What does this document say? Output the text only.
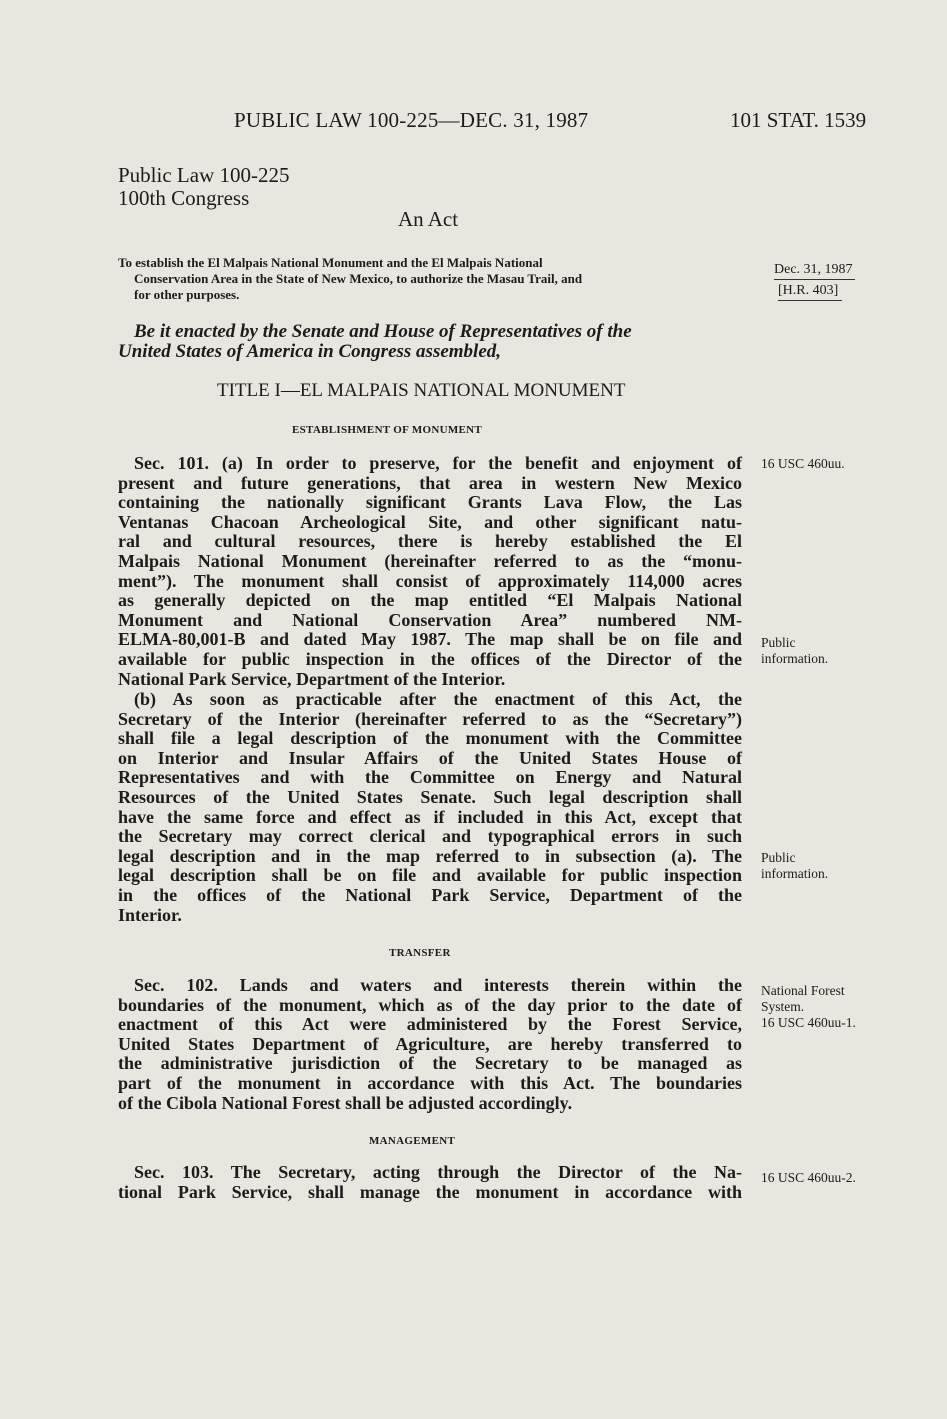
PUBLIC LAW 100-225—DEC. 31, 1987	101 STAT. 1539
Public Law 100-225
100th Congress
An Act
To establish the El Malpais National Monument and the El Malpais National
Conservation Area in the State of New Mexico, to authorize the Masau Trail, and
for other purposes.
Dec. 31, 1987
[H.R. 403]
Be it enacted by the Senate and House of Representatives of the
United States of America in Congress assembled,
TITLE I—EL MALPAIS NATIONAL MONUMENT
ESTABLISHMENT OF MONUMENT
Sec. 101. (a) In order to preserve, for the benefit and enjoyment of
present and future generations, that area in western New Mexico
containing the nationally significant Grants Lava Flow, the Las
Ventanas Chacoan Archeological Site, and other significant natu-
ral and cultural resources, there is hereby established the El
Malpais National Monument (hereinafter referred to as the “monu-
ment”). The monument shall consist of approximately 114,000 acres
as generally depicted on the map entitled “El Malpais National
Monument and National Conservation Area” numbered NM-
ELMA-80,001-B and dated May 1987. The map shall be on file and
available for public inspection in the offices of the Director of the
National Park Service, Department of the Interior.
(b) As soon as practicable after the enactment of this Act, the
Secretary of the Interior (hereinafter referred to as the “Secretary”)
shall file a legal description of the monument with the Committee
on Interior and Insular Affairs of the United States House of
Representatives and with the Committee on Energy and Natural
Resources of the United States Senate. Such legal description shall
have the same force and effect as if included in this Act, except that
the Secretary may correct clerical and typographical errors in such
legal description and in the map referred to in subsection (a). The
legal description shall be on file and available for public inspection
in the offices of the National Park Service, Department of the
Interior.
TRANSFER
Sec. 102. Lands and waters and interests therein within the
boundaries of the monument, which as of the day prior to the date of
enactment of this Act were administered by the Forest Service,
United States Department of Agriculture, are hereby transferred to
the administrative jurisdiction of the Secretary to be managed as
part of the monument in accordance with this Act. The boundaries
of the Cibola National Forest shall be adjusted accordingly.
MANAGEMENT
Sec. 103. The Secretary, acting through the Director of the Na-
tional Park Service, shall manage the monument in accordance with
16 USC 460uu.
Public
information.
Public
information.
National Forest
System.
16 USC 460uu-1.
16 USC 460uu-2.
